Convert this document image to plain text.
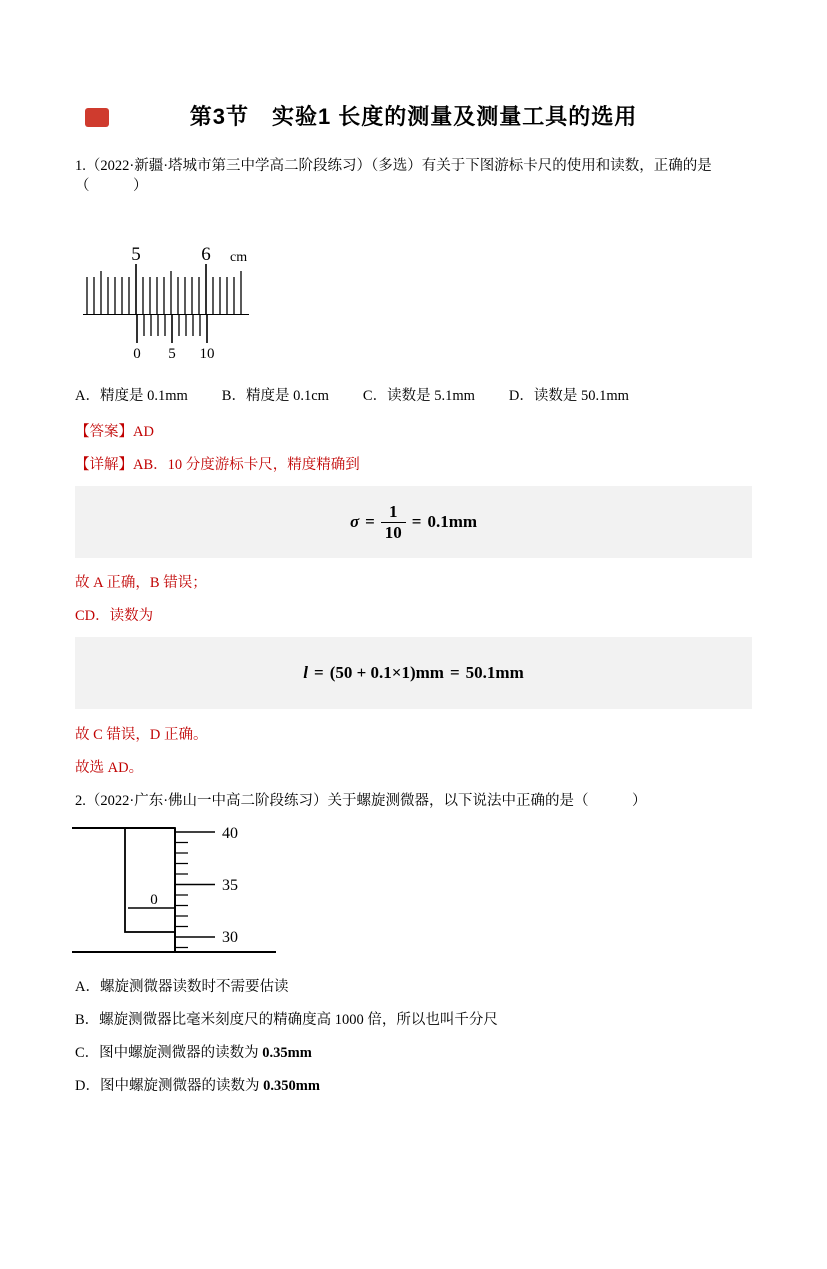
第3节　实验1 长度的测量及测量工具的选用
1.（2022·新疆·塔城市第三中学高二阶段练习）（多选）有关于下图游标卡尺的使用和读数，正确的是（　　　）
5	6 cm
0 5 10
A．精度是 0.1mm B．精度是 0.1cm C．读数是 5.1mm D．读数是 50.1mm
【答案】AD
【详解】AB．10 分度游标卡尺，精度精确到
$\sigma = \frac{1}{10} = 0.1mm$
故 A 正确，B 错误；
CD．读数为
l = (50 + 0.1×1)mm = 50.1mm
故 C 错误，D 正确。
故选 AD。
2.（2022·广东·佛山一中高二阶段练习）关于螺旋测微器，以下说法中正确的是（　　　）
0
40
35
30
A．螺旋测微器读数时不需要估读
B．螺旋测微器比毫米刻度尺的精确度高 1000 倍，所以也叫千分尺
C．图中螺旋测微器的读数为 0.35mm
D．图中螺旋测微器的读数为 0.350mm
